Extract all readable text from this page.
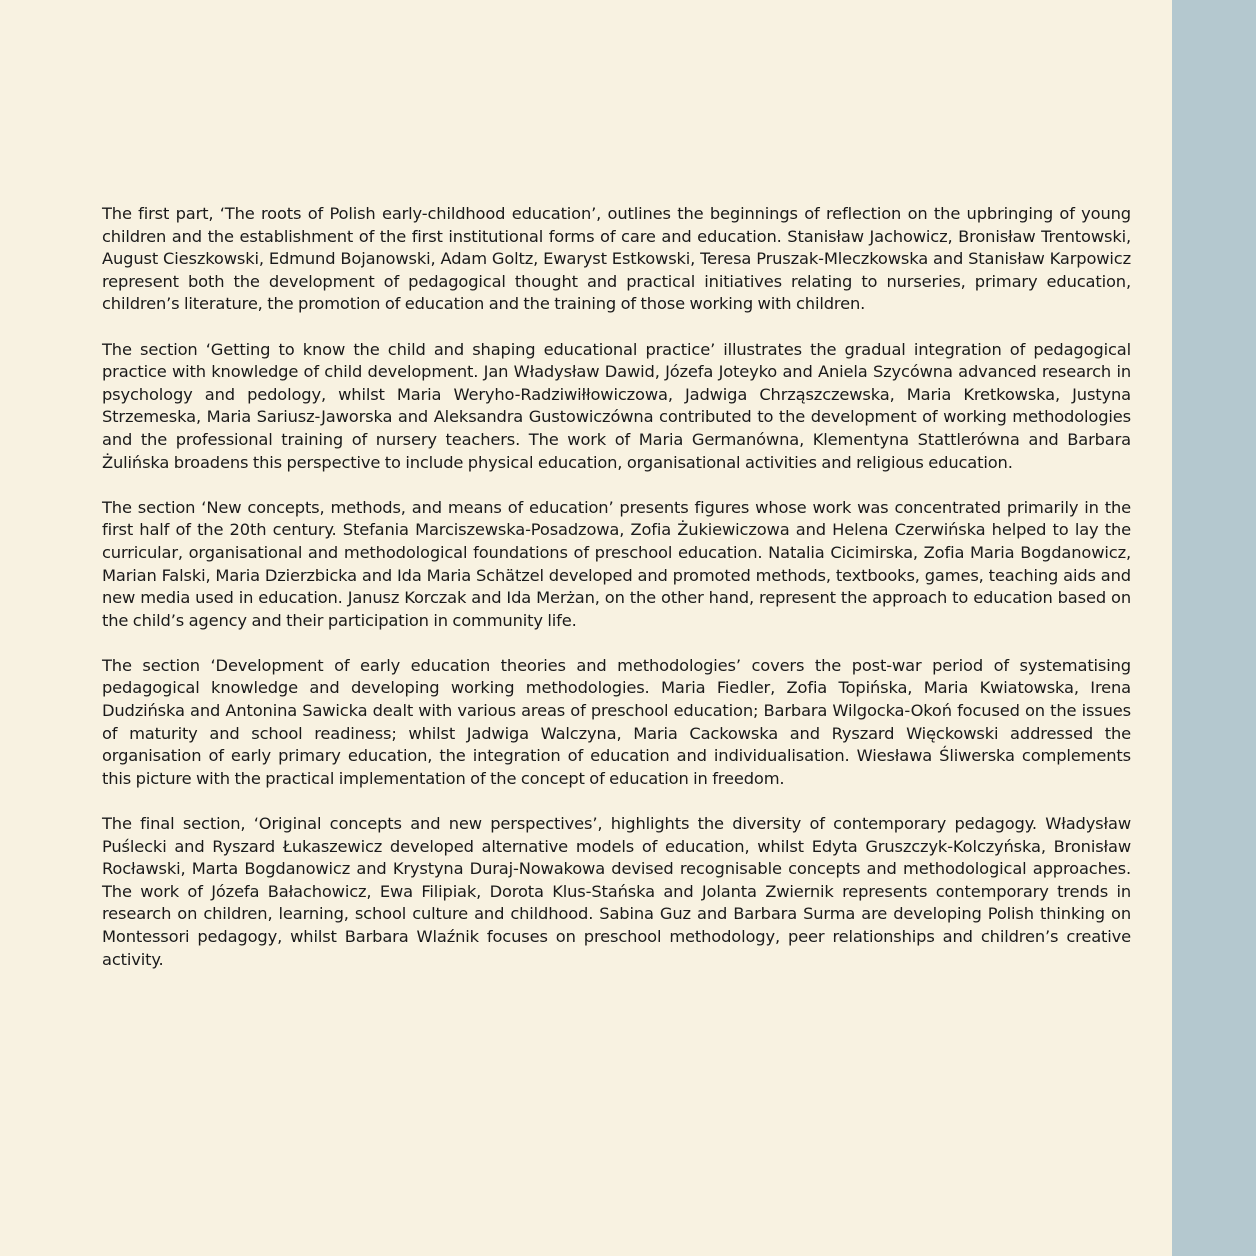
The first part, ‘The roots of Polish early-childhood education’, outlines the beginnings of reflection on the upbringing of young children and the establishment of the first institutional forms of care and education. Stanisław Jachowicz, Bronisław Trentowski, August Cieszkowski, Edmund Bojanowski, Adam Goltz, Ewaryst Estkowski, Teresa Pruszak-Mleczkowska and Stanisław Karpowicz represent both the development of pedagogical thought and practical initiatives relating to nurseries, primary education, children’s literature, the promotion of education and the training of those working with children.

The section ‘Getting to know the child and shaping educational practice’ illustrates the gradual integration of pedagogical practice with knowledge of child development. Jan Władysław Dawid, Józefa Joteyko and Aniela Szycówna advanced research in psychology and pedology, whilst Maria Weryho-Radziwiłłowiczowa, Jadwiga Chrząszczewska, Maria Kretkowska, Justyna Strzemeska, Maria Sariusz-Jaworska and Aleksandra Gustowiczówna contributed to the development of working methodologies and the professional training of nursery teachers. The work of Maria Germanówna, Klementyna Stattlerówna and Barbara Żulińska broadens this perspective to include physical education, organisational activities and religious education.

The section ‘New concepts, methods, and means of education’ presents figures whose work was concentrated primarily in the first half of the 20th century. Stefania Marciszewska-Posadzowa, Zofia Żukiewiczowa and Helena Czerwińska helped to lay the curricular, organisational and methodological foundations of preschool education. Natalia Cicimirska, Zofia Maria Bogdanowicz, Marian Falski, Maria Dzierzbicka and Ida Maria Schätzel developed and promoted methods, textbooks, games, teaching aids and new media used in education. Janusz Korczak and Ida Merżan, on the other hand, represent the approach to education based on the child’s agency and their participation in community life.

The section ‘Development of early education theories and methodologies’ covers the post-war period of systematising pedagogical knowledge and developing working methodologies. Maria Fiedler, Zofia Topińska, Maria Kwiatowska, Irena Dudzińska and Antonina Sawicka dealt with various areas of preschool education; Barbara Wilgocka-Okoń focused on the issues of maturity and school readiness; whilst Jadwiga Walczyna, Maria Cackowska and Ryszard Więckowski addressed the organisation of early primary education, the integration of education and individualisation. Wiesława Śliwerska complements this picture with the practical implementation of the concept of education in freedom.

The final section, ‘Original concepts and new perspectives’, highlights the diversity of contemporary pedagogy. Władysław Puślecki and Ryszard Łukaszewicz developed alternative models of education, whilst Edyta Gruszczyk-Kolczyńska, Bronisław Rocławski, Marta Bogdanowicz and Krystyna Duraj-Nowakowa devised recognisable concepts and methodological approaches. The work of Józefa Bałachowicz, Ewa Filipiak, Dorota Klus-Stańska and Jolanta Zwiernik represents contemporary trends in research on children, learning, school culture and childhood. Sabina Guz and Barbara Surma are developing Polish thinking on Montessori pedagogy, whilst Barbara Wlaźnik focuses on preschool methodology, peer relationships and children’s creative activity.
